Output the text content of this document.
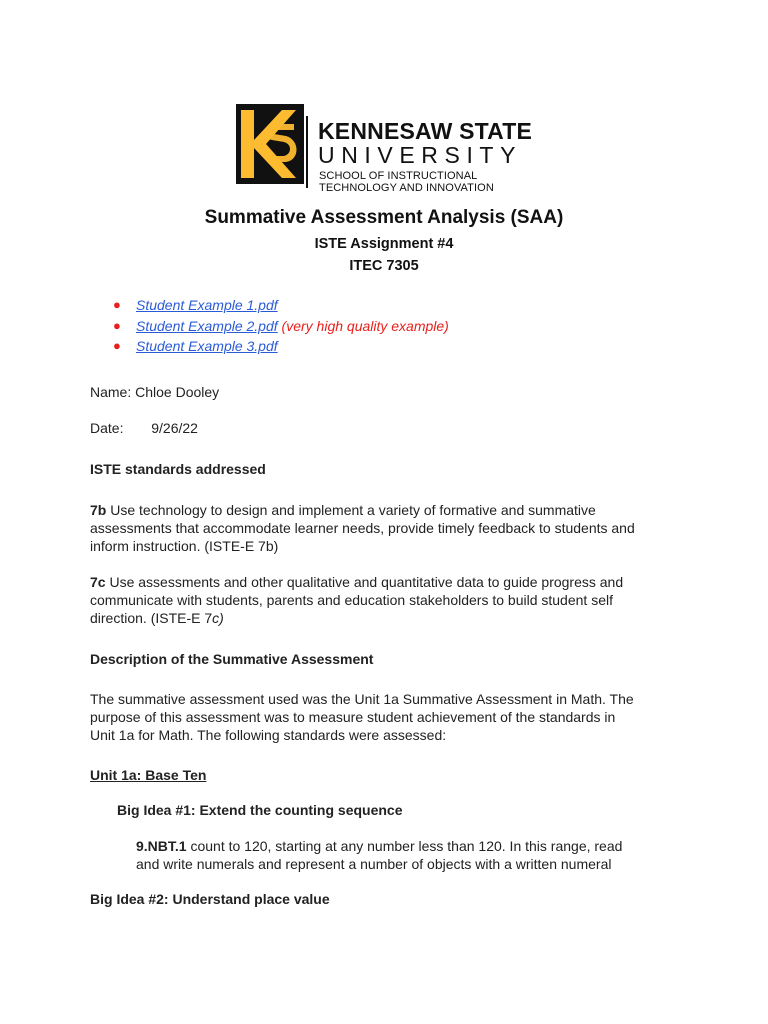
KENNESAW STATE
UNIVERSITY
SCHOOL OF INSTRUCTIONAL
TECHNOLOGY AND INNOVATION
Summative Assessment Analysis (SAA)
ISTE Assignment #4
ITEC 7305
● Student Example 1.pdf
● Student Example 2.pdf (very high quality example)
● Student Example 3.pdf
Name: Chloe Dooley
Date: 9/26/22
ISTE standards addressed
7b Use technology to design and implement a variety of formative and summative
assessments that accommodate learner needs, provide timely feedback to students and
inform instruction. (ISTE-E 7b)
7c Use assessments and other qualitative and quantitative data to guide progress and
communicate with students, parents and education stakeholders to build student self
direction. (ISTE-E 7c)
Description of the Summative Assessment
The summative assessment used was the Unit 1a Summative Assessment in Math. The
purpose of this assessment was to measure student achievement of the standards in
Unit 1a for Math. The following standards were assessed:
Unit 1a: Base Ten
Big Idea #1: Extend the counting sequence
9.NBT.1 count to 120, starting at any number less than 120. In this range, read
and write numerals and represent a number of objects with a written numeral
Big Idea #2: Understand place value
